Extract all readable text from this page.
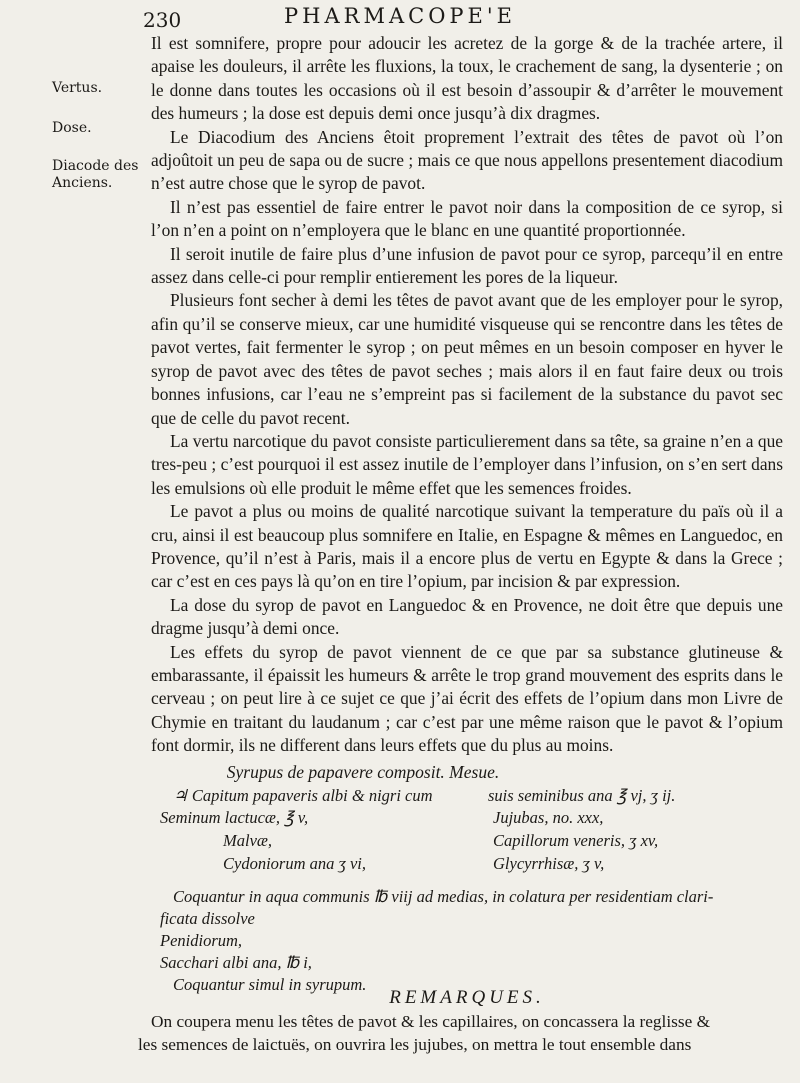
230	PHARMACOPE'E
Vertus.
Dose.
Diacode des
Anciens.

Il est somnifere, propre pour adoucir les acretez de la gorge & de la trachée artere, il apaise les douleurs, il arrête les fluxions, la toux, le crachement de sang, la dysenterie ; on le donne dans toutes les occasions où il est besoin d’assoupir & d’arrêter le mouvement des humeurs ; la dose est depuis demi once jusqu’à dix dragmes.

Le Diacodium des Anciens êtoit proprement l’extrait des têtes de pavot où l’on adjoûtoit un peu de sapa ou de sucre ; mais ce que nous appellons presentement diacodium n’est autre chose que le syrop de pavot.

Il n’est pas essentiel de faire entrer le pavot noir dans la composition de ce syrop, si l’on n’en a point on n’employera que le blanc en une quantité proportionnée.

Il seroit inutile de faire plus d’une infusion de pavot pour ce syrop, parcequ’il en entre assez dans celle-ci pour remplir entierement les pores de la liqueur.

Plusieurs font secher à demi les têtes de pavot avant que de les employer pour le syrop, afin qu’il se conserve mieux, car une humidité visqueuse qui se rencontre dans les têtes de pavot vertes, fait fermenter le syrop ; on peut mêmes en un besoin composer en hyver le syrop de pavot avec des têtes de pavot seches ; mais alors il en faut faire deux ou trois bonnes infusions, car l’eau ne s’empreint pas si facilement de la substance du pavot sec que de celle du pavot recent.

La vertu narcotique du pavot consiste particulierement dans sa tête, sa graine n’en a que tres-peu ; c’est pourquoi il est assez inutile de l’employer dans l’infusion, on s’en sert dans les emulsions où elle produit le même effet que les semences froides.

Le pavot a plus ou moins de qualité narcotique suivant la temperature du païs où il a cru, ainsi il est beaucoup plus somnifere en Italie, en Espagne & mêmes en Languedoc, en Provence, qu’il n’est à Paris, mais il a encore plus de vertu en Egypte & dans la Grece ; car c’est en ces pays là qu’on en tire l’opium, par incision & par expression.

La dose du syrop de pavot en Languedoc & en Provence, ne doit être que depuis une dragme jusqu’à demi once.

Les effets du syrop de pavot viennent de ce que par sa substance glutineuse & embarassante, il épaissit les humeurs & arrête le trop grand mouvement des esprits dans le cerveau ; on peut lire à ce sujet ce que j’ai écrit des effets de l’opium dans mon Livre de Chymie en traitant du laudanum ; car c’est par une même raison que le pavot & l’opium font dormir, ils ne different dans leurs effets que du plus au moins.

Syrupus de papavere composit. Mesue.
♃ Capitum papaveris albi & nigri cum	suis seminibus ana ℥ vj, ʒ ij.
Seminum lactucæ, ℥ v,	Jujubas, no. xxx,
Malvæ,	Capillorum veneris, ʒ xv,
Cydoniorum ana ʒ vi,	Glycyrrhisæ, ʒ v,
Coquantur in aqua communis ℔ viij ad medias, in colatura per residentiam clari-
ficata dissolve
Penidiorum,
Sacchari albi ana, ℔ i,
Coquantur simul in syrupum.
REMARQUES.

On coupera menu les têtes de pavot & les capillaires, on concassera la reglisse &

les semences de laictuës, on ouvrira les jujubes, on mettra le tout ensemble dans
